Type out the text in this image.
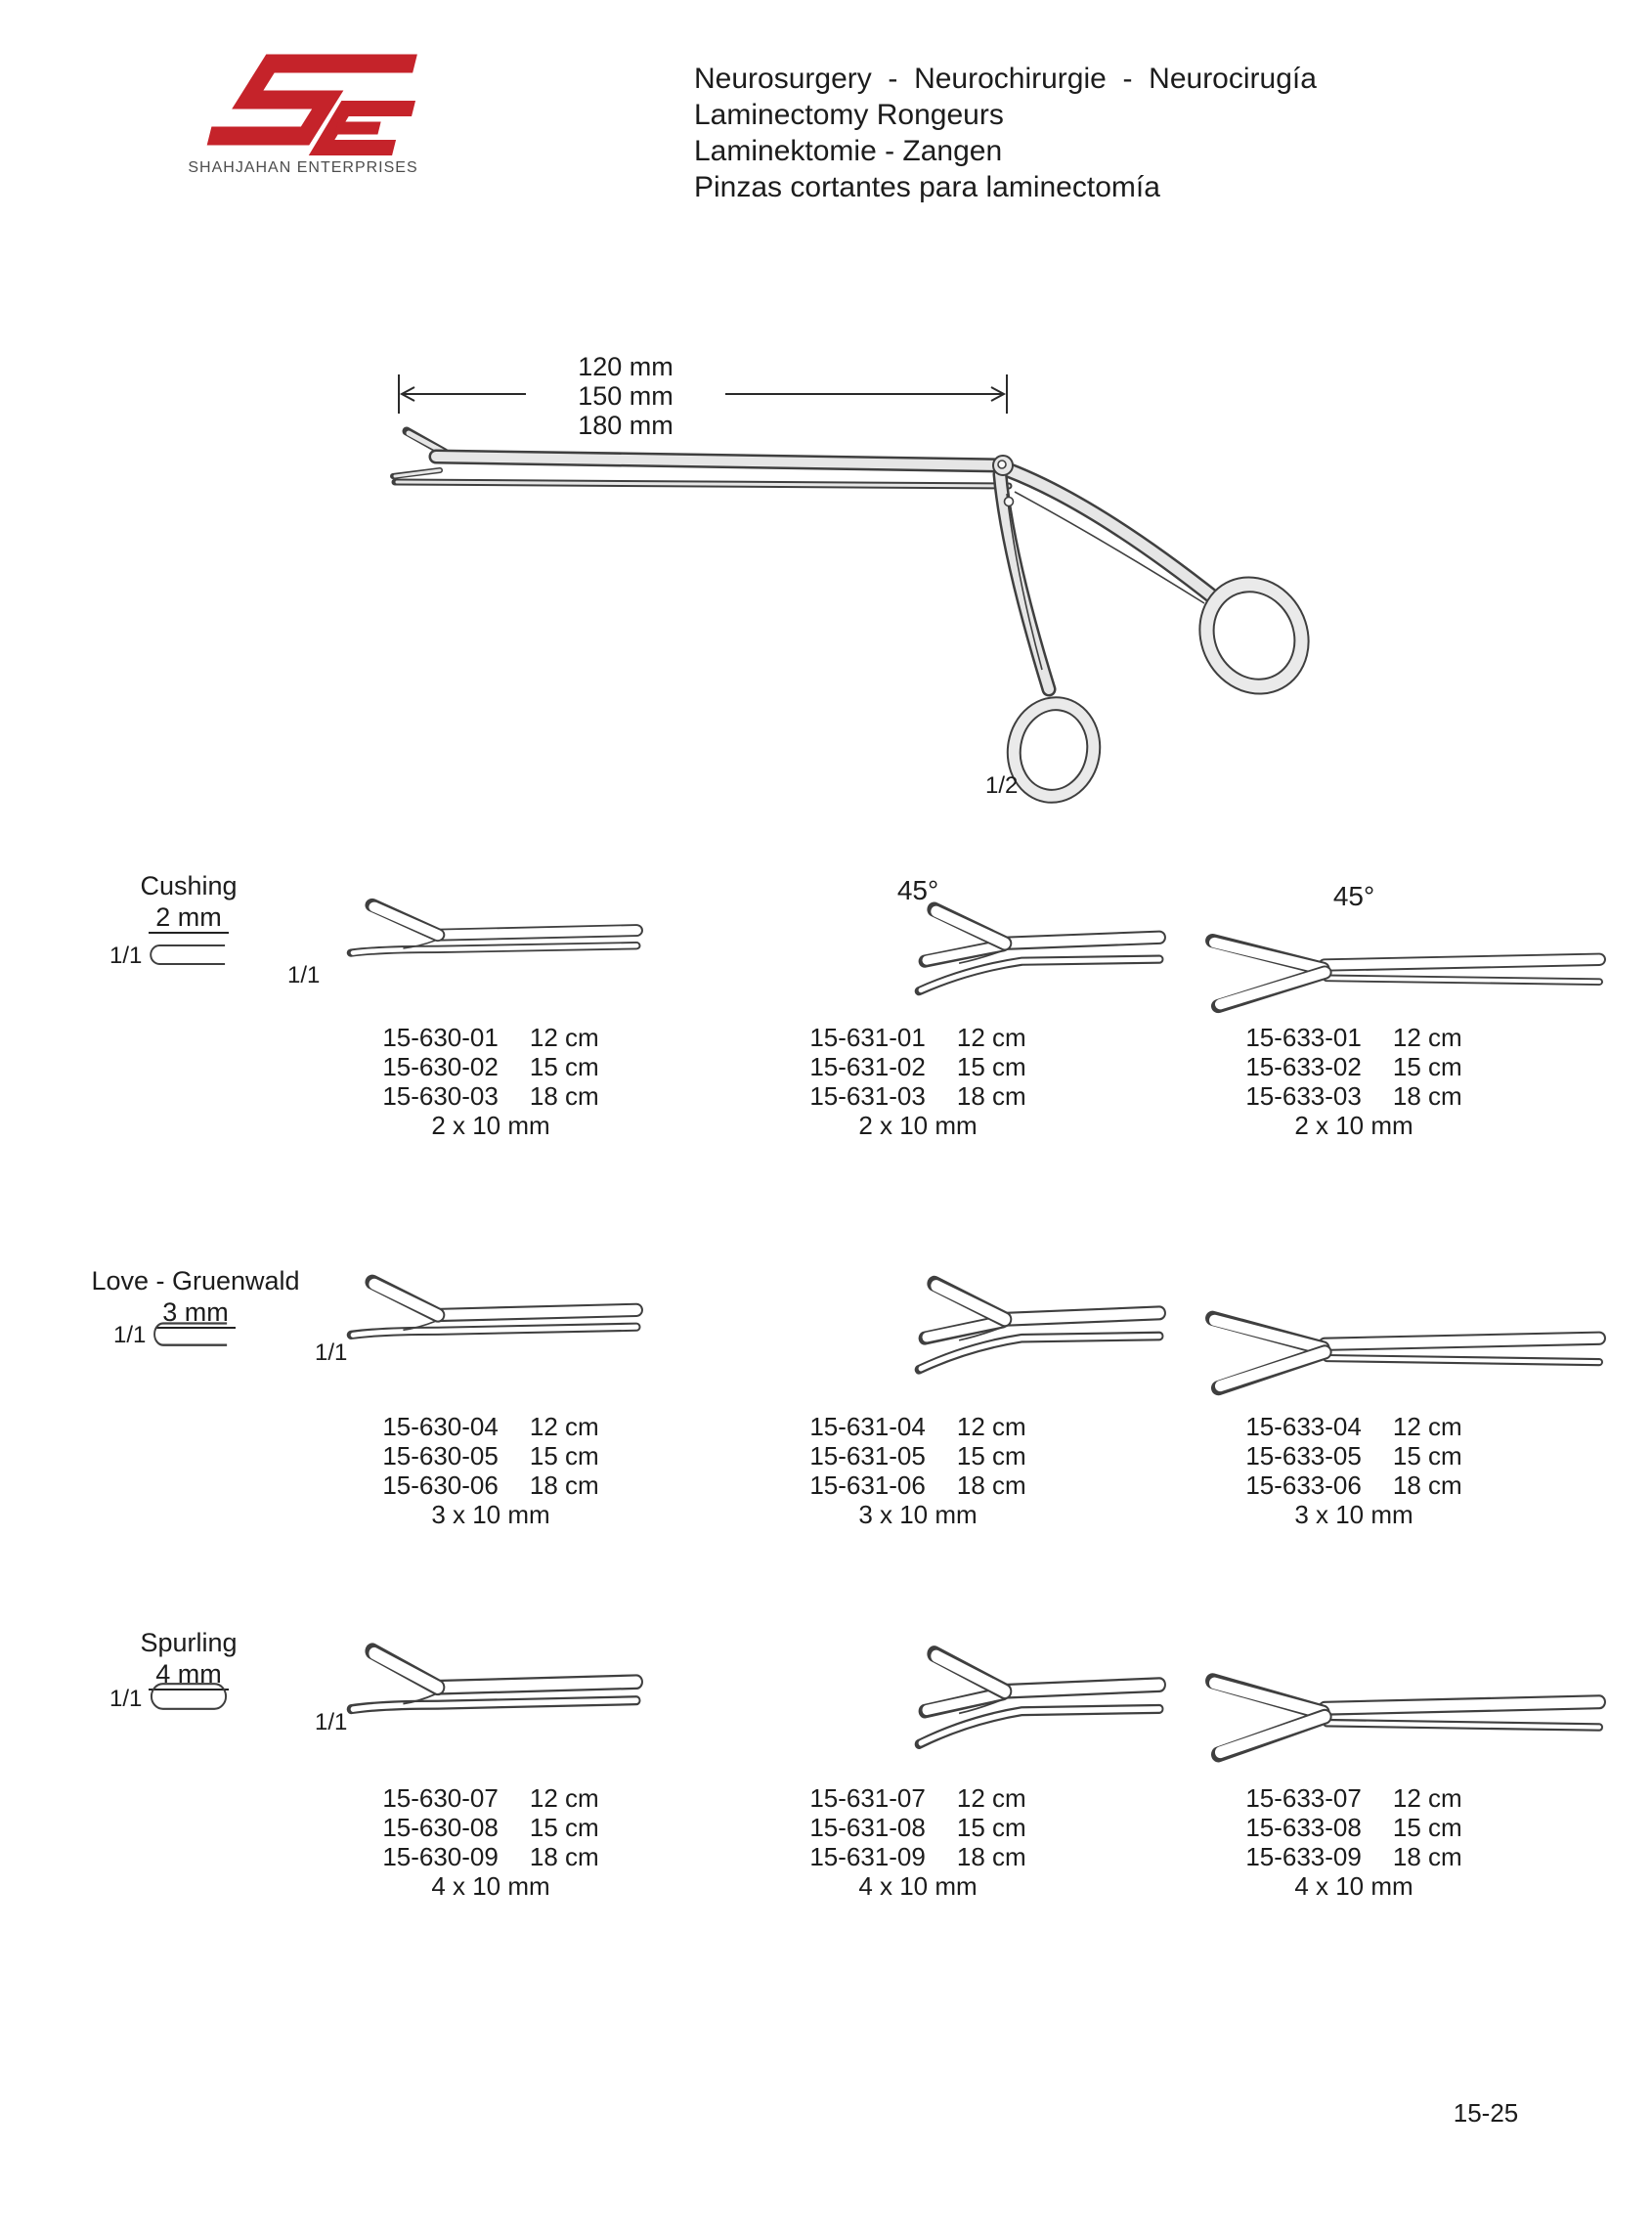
SHAHJAHAN ENTERPRISES
Neurosurgery  -  Neurochirurgie  -  Neurocirugía
Laminectomy Rongeurs
Laminektomie - Zangen
Pinzas cortantes para laminectomía
120 mm
150 mm
180 mm
1/2
45°	45°
Cushing
2 mm
1/1
1/1
15-630-01 12 cm
15-630-02 15 cm
15-630-03 18 cm
2 x 10 mm
15-631-01 12 cm
15-631-02 15 cm
15-631-03 18 cm
2 x 10 mm
15-633-01 12 cm
15-633-02 15 cm
15-633-03 18 cm
2 x 10 mm
Love - Gruenwald
3 mm
1/1
1/1
15-630-04 12 cm
15-630-05 15 cm
15-630-06 18 cm
3 x 10 mm
15-631-04 12 cm
15-631-05 15 cm
15-631-06 18 cm
3 x 10 mm
15-633-04 12 cm
15-633-05 15 cm
15-633-06 18 cm
3 x 10 mm
Spurling
4 mm
1/1
1/1
15-630-07 12 cm
15-630-08 15 cm
15-630-09 18 cm
4 x 10 mm
15-631-07 12 cm
15-631-08 15 cm
15-631-09 18 cm
4 x 10 mm
15-633-07 12 cm
15-633-08 15 cm
15-633-09 18 cm
4 x 10 mm
15-25
